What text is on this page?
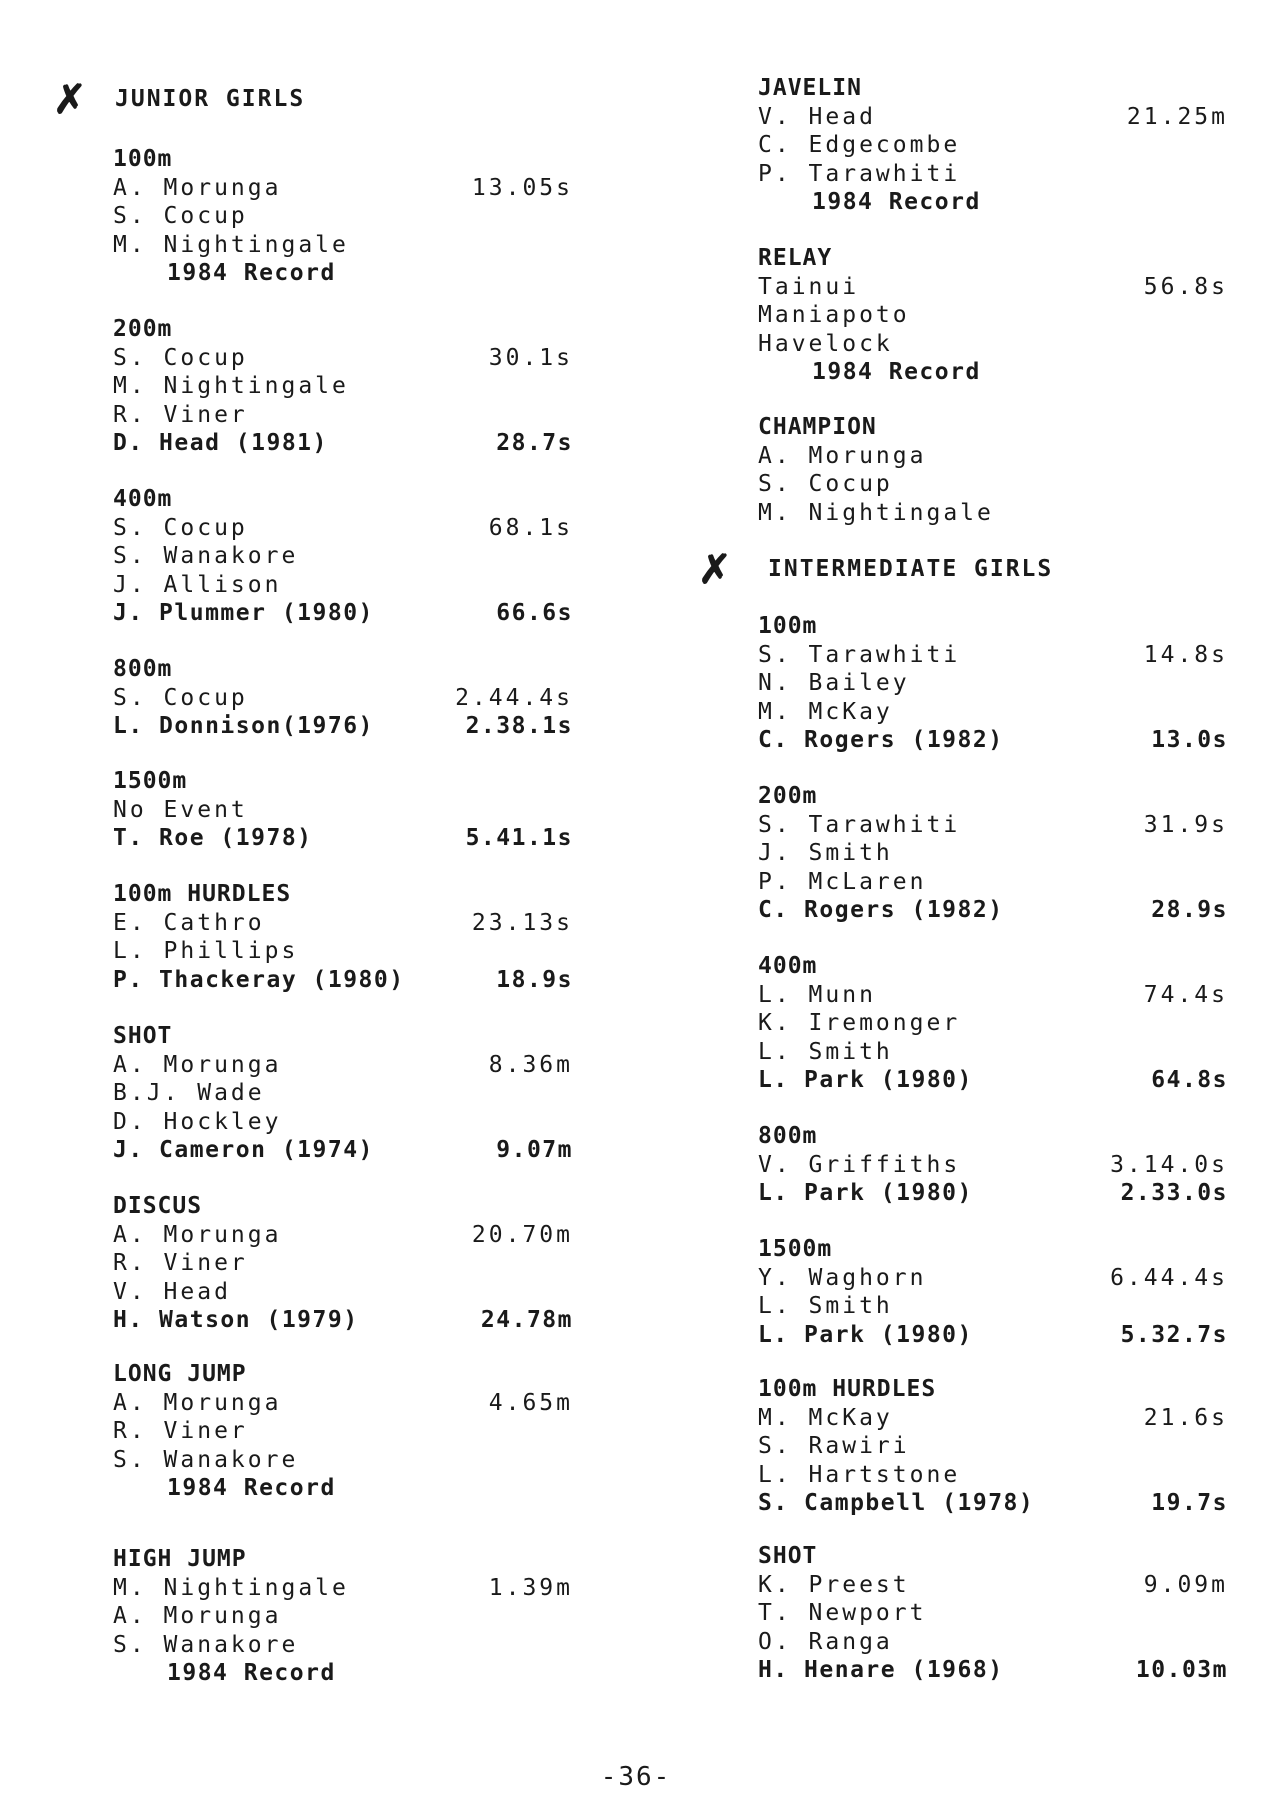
✗ JUNIOR GIRLS
100m
A. Morunga	13.05s
S. Cocup
M. Nightingale
1984 Record
200m
S. Cocup	30.1s
M. Nightingale
R. Viner
D. Head (1981)	28.7s
400m
S. Cocup	68.1s
S. Wanakore
J. Allison
J. Plummer (1980)	66.6s
800m
S. Cocup	2.44.4s
L. Donnison(1976)	2.38.1s
1500m
No Event
T. Roe (1978)	5.41.1s
100m HURDLES
E. Cathro	23.13s
L. Phillips
P. Thackeray (1980)	18.9s
SHOT
A. Morunga	8.36m
B.J. Wade
D. Hockley
J. Cameron (1974)	9.07m
DISCUS
A. Morunga	20.70m
R. Viner
V. Head
H. Watson (1979)	24.78m
LONG JUMP
A. Morunga	4.65m
R. Viner
S. Wanakore
1984 Record
HIGH JUMP
M. Nightingale	1.39m
A. Morunga
S. Wanakore
1984 Record
JAVELIN
V. Head	21.25m
C. Edgecombe
P. Tarawhiti
1984 Record
RELAY
Tainui	56.8s
Maniapoto
Havelock
1984 Record
CHAMPION
A. Morunga
S. Cocup
M. Nightingale
✗ INTERMEDIATE GIRLS
100m
S. Tarawhiti	14.8s
N. Bailey
M. McKay
C. Rogers (1982)	13.0s
200m
S. Tarawhiti	31.9s
J. Smith
P. McLaren
C. Rogers (1982)	28.9s
400m
L. Munn	74.4s
K. Iremonger
L. Smith
L. Park (1980)	64.8s
800m
V. Griffiths	3.14.0s
L. Park (1980)	2.33.0s
1500m
Y. Waghorn	6.44.4s
L. Smith
L. Park (1980)	5.32.7s
100m HURDLES
M. McKay	21.6s
S. Rawiri
L. Hartstone
S. Campbell (1978)	19.7s
SHOT
K. Preest	9.09m
T. Newport
O. Ranga
H. Henare (1968)	10.03m
-36-
